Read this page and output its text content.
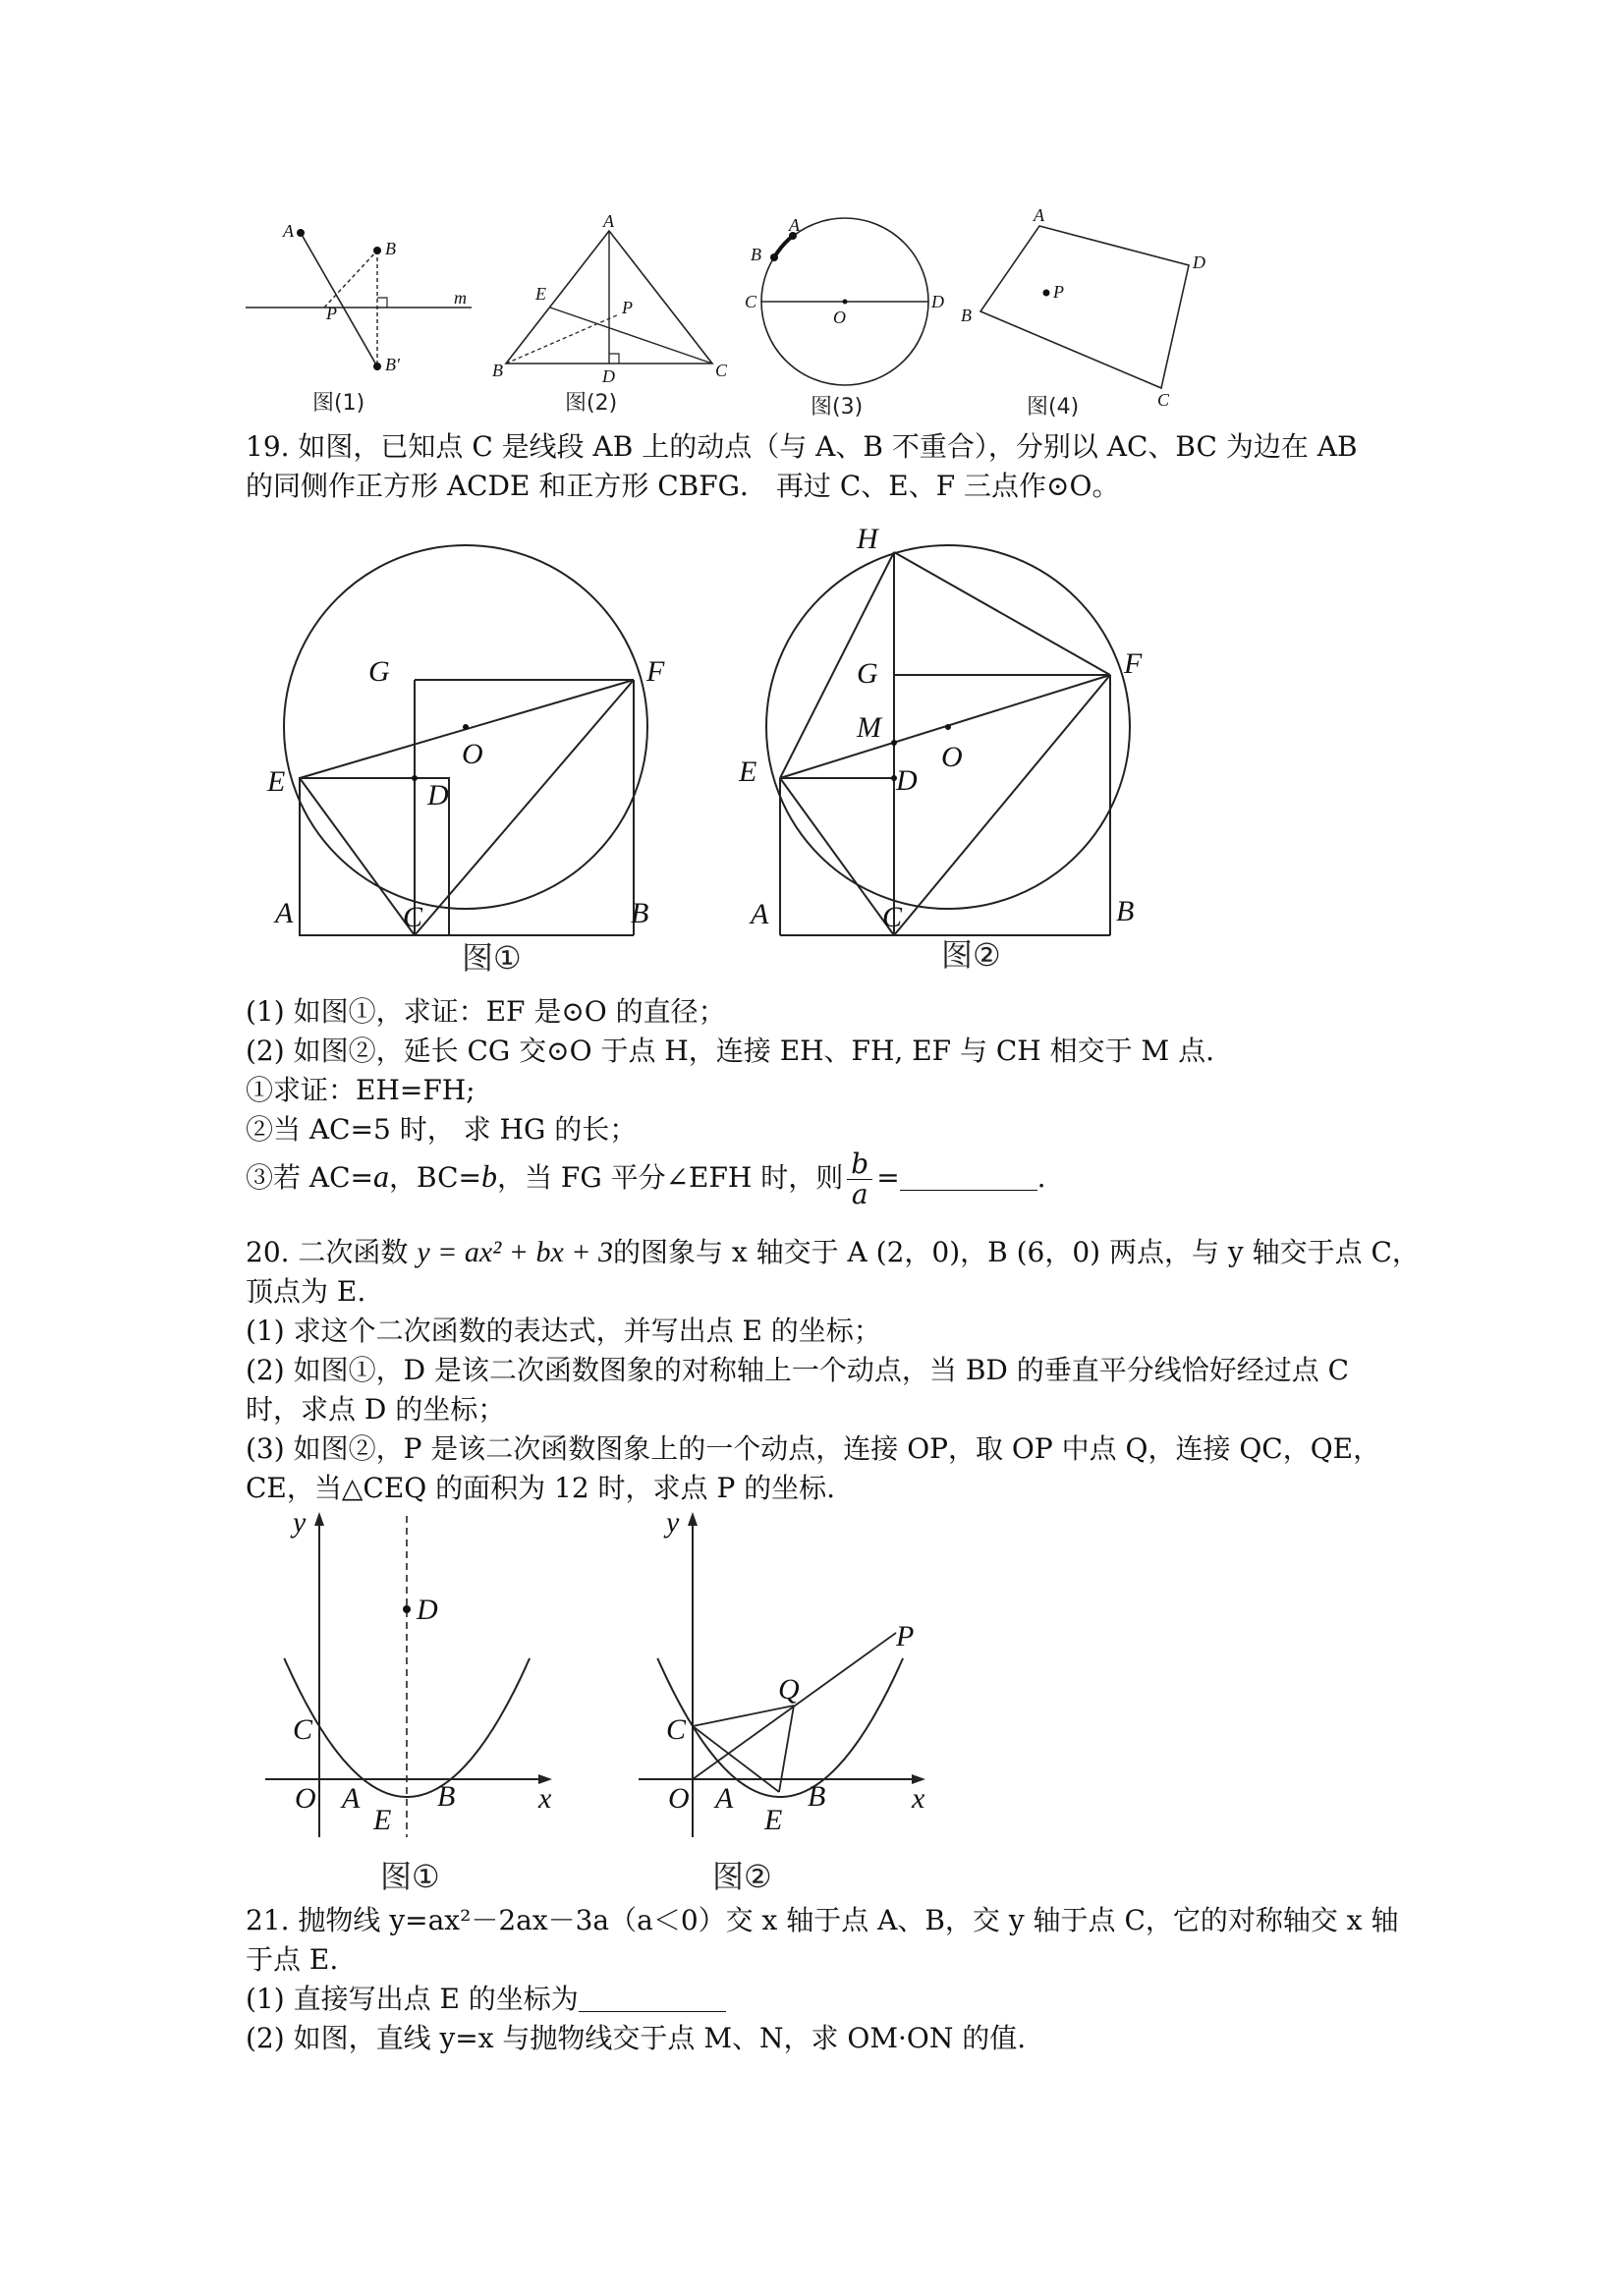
A
B
P
m
B′
图(1)
A
E
P
B	D	C
图(2)
A
B
C
O
D
图(3)
A
D
P
B
C
图(4)
19. 如图，已知点 C 是线段 AB 上的动点（与 A、B 不重合），分别以 AC、BC 为边在 AB
的同侧作正方形 ACDE 和正方形 CBFG． 再过 C、E、F 三点作⊙O。
G	F
O
E	D
A	C	B
图①
H
G	F
M
O
E	D
A	C	B
图②
(1) 如图①，求证：EF 是⊙O 的直径；
(2) 如图②，延长 CG 交⊙O 于点 H，连接 EH、FH, EF 与 CH 相交于 M 点.
①求证：EH=FH;
②当 AC=5 时， 求 HG 的长；
③若 AC=a，BC=b，当 FG 平分∠EFH 时，则 $\frac{b}{a}$ =	.
20. 二次函数 y = ax² + bx + 3的图象与 x 轴交于 A (2，0)，B (6，0) 两点，与 y 轴交于点 C，
顶点为 E.
(1) 求这个二次函数的表达式，并写出点 E 的坐标；
(2) 如图①，D 是该二次函数图象的对称轴上一个动点，当 BD 的垂直平分线恰好经过点 C
时，求点 D 的坐标；
(3) 如图②，P 是该二次函数图象上的一个动点，连接 OP，取 OP 中点 Q，连接 QC，QE，
CE，当△CEQ 的面积为 12 时，求点 P 的坐标.
y
D
C
O A
E
B	x
图①
y
P
Q
C
O A
E
B	x
图②
21. 抛物线 y=ax²－2ax－3a（a＜0）交 x 轴于点 A、B，交 y 轴于点 C，它的对称轴交 x 轴
于点 E.
(1) 直接写出点 E 的坐标为
(2) 如图，直线 y=x 与抛物线交于点 M、N，求 OM·ON 的值.
